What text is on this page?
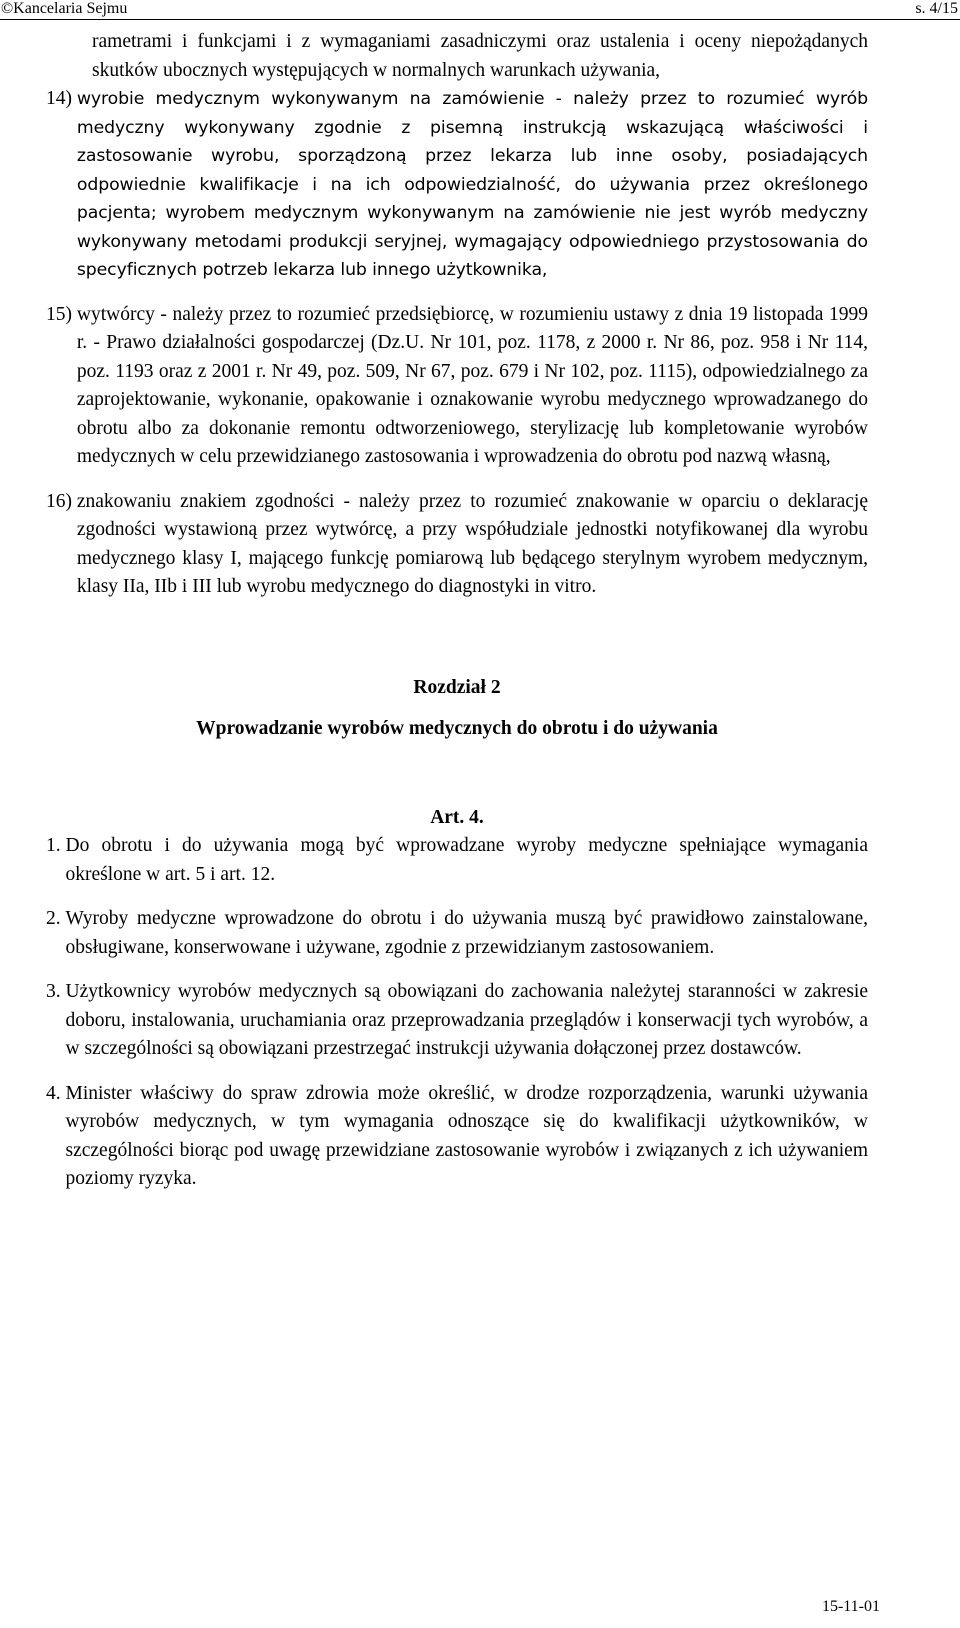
©Kancelaria Sejmu	s. 4/15

rametrami i funkcjami i z wymaganiami zasadniczymi oraz ustalenia i oceny niepożądanych skutków ubocznych występujących w normalnych warunkach używania,

14) wyrobie medycznym wykonywanym na zamówienie - należy przez to rozumieć wyrób medyczny wykonywany zgodnie z pisemną instrukcją wskazującą właściwości i zastosowanie wyrobu, sporządzoną przez lekarza lub inne osoby, posiadających odpowiednie kwalifikacje i na ich odpowiedzialność, do używania przez określonego pacjenta; wyrobem medycznym wykonywanym na zamówienie nie jest wyrób medyczny wykonywany metodami produkcji seryjnej, wymagający odpowiedniego przystosowania do specyficznych potrzeb lekarza lub innego użytkownika,
15) wytwórcy - należy przez to rozumieć przedsiębiorcę, w rozumieniu ustawy z dnia 19 listopada 1999 r. - Prawo działalności gospodarczej (Dz.U. Nr 101, poz. 1178, z 2000 r. Nr 86, poz. 958 i Nr 114, poz. 1193 oraz z 2001 r. Nr 49, poz. 509, Nr 67, poz. 679 i Nr 102, poz. 1115), odpowiedzialnego za zaprojektowanie, wykonanie, opakowanie i oznakowanie wyrobu medycznego wprowadzanego do obrotu albo za dokonanie remontu odtworzeniowego, sterylizację lub kompletowanie wyrobów medycznych w celu przewidzianego zastosowania i wprowadzenia do obrotu pod nazwą własną,
16) znakowaniu znakiem zgodności - należy przez to rozumieć znakowanie w oparciu o deklarację zgodności wystawioną przez wytwórcę, a przy współudziale jednostki notyfikowanej dla wyrobu medycznego klasy I, mającego funkcję pomiarową lub będącego sterylnym wyrobem medycznym, klasy IIa, IIb i III lub wyrobu medycznego do diagnostyki in vitro.

Rozdział 2

Wprowadzanie wyrobów medycznych do obrotu i do używania

Art. 4.

1. Do obrotu i do używania mogą być wprowadzane wyroby medyczne spełniające wymagania określone w art. 5 i art. 12.
2. Wyroby medyczne wprowadzone do obrotu i do używania muszą być prawidłowo zainstalowane, obsługiwane, konserwowane i używane, zgodnie z przewidzianym zastosowaniem.
3. Użytkownicy wyrobów medycznych są obowiązani do zachowania należytej staranności w zakresie doboru, instalowania, uruchamiania oraz przeprowadzania przeglądów i konserwacji tych wyrobów, a w szczególności są obowiązani przestrzegać instrukcji używania dołączonej przez dostawców.
4. Minister właściwy do spraw zdrowia może określić, w drodze rozporządzenia, warunki używania wyrobów medycznych, w tym wymagania odnoszące się do kwalifikacji użytkowników, w szczególności biorąc pod uwagę przewidziane zastosowanie wyrobów i związanych z ich używaniem poziomy ryzyka.
15-11-01
